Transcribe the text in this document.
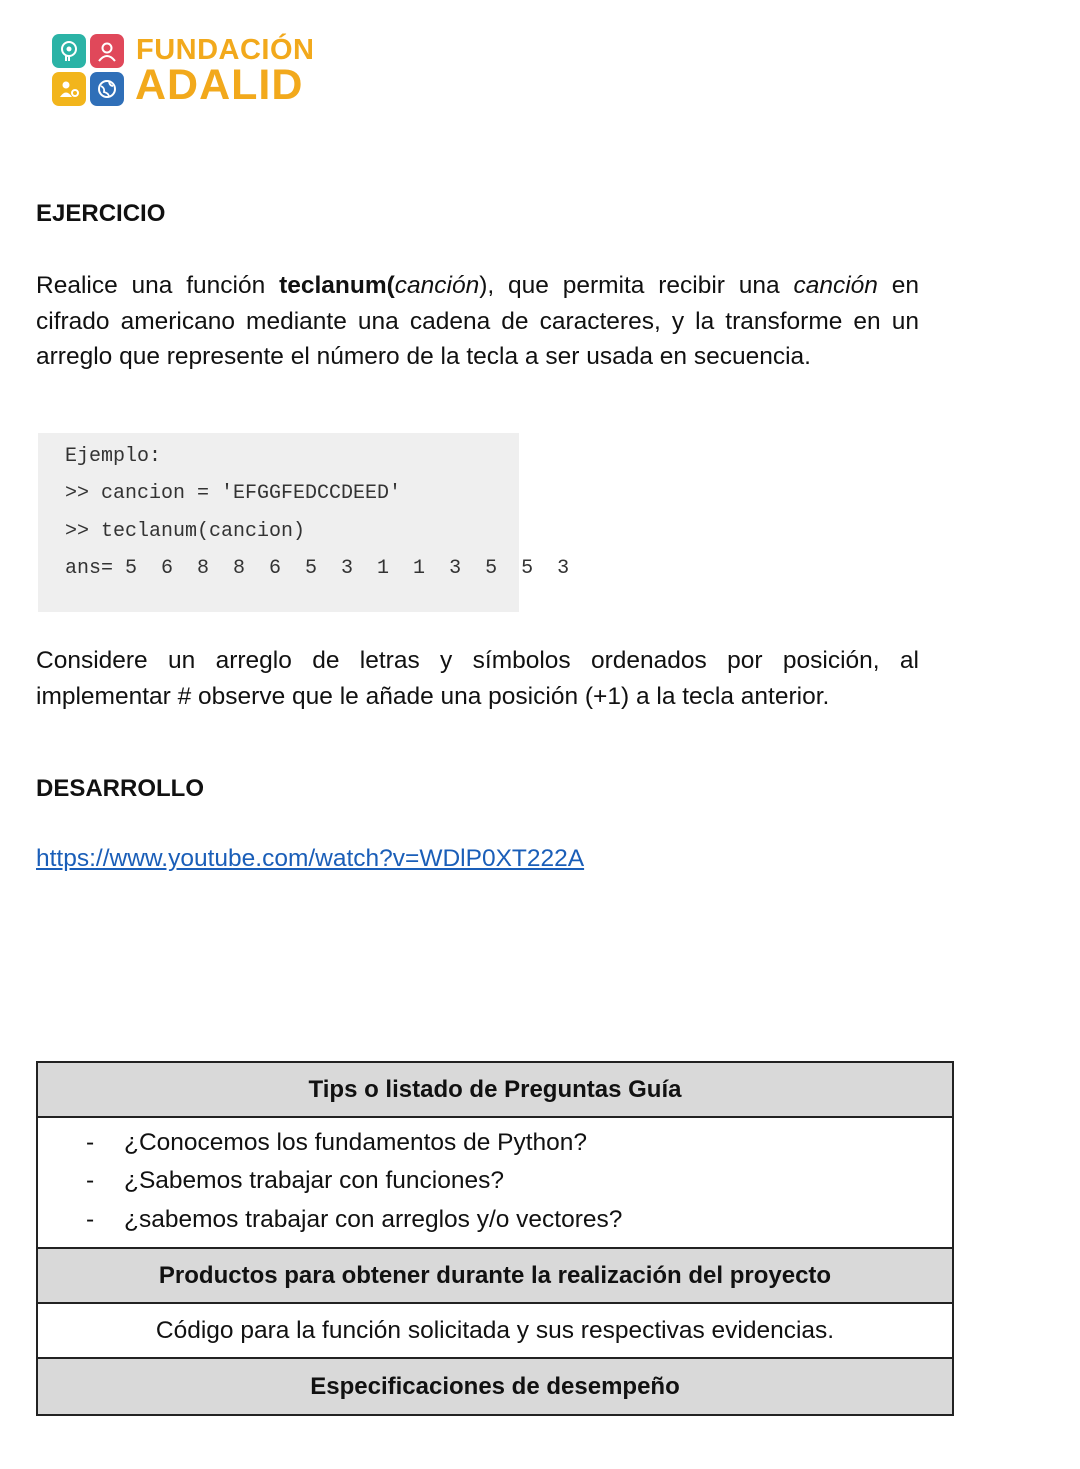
FUNDACIÓN
ADALID
EJERCICIO

Realice una función teclanum(canción), que permita recibir una canción en cifrado americano mediante una cadena de caracteres, y la transforme en un arreglo que represente el número de la tecla a ser usada en secuencia.

Ejemplo:
>> cancion = 'EFGGFEDCCDEED'
>> teclanum(cancion)
ans= 5  6  8  8  6  5  3  1  1  3  5  5  3

Considere un arreglo de letras y símbolos ordenados por posición, al implementar # observe que le añade una posición (+1) a la tecla anterior.

DESARROLLO
https://www.youtube.com/watch?v=WDlP0XT222A
Tips o listado de Preguntas Guía

- ¿Conocemos los fundamentos de Python?
- ¿Sabemos trabajar con funciones?
- ¿sabemos trabajar con arreglos y/o vectores?

Productos para obtener durante la realización del proyecto
Código para la función solicitada y sus respectivas evidencias.
Especificaciones de desempeño
